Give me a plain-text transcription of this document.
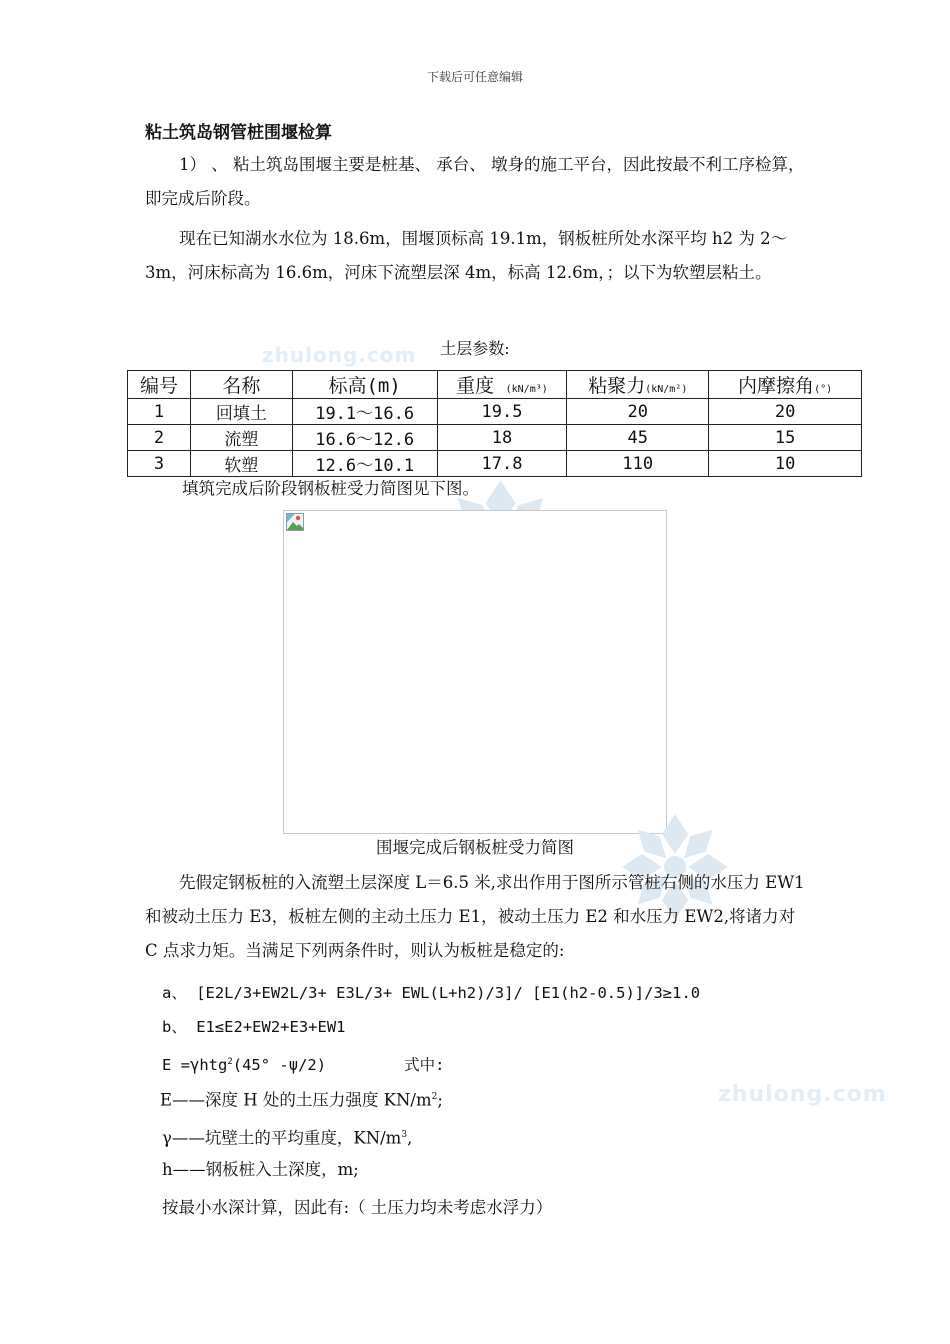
下载后可任意编辑
粘土筑岛钢管桩围堰检算
1） 、 粘土筑岛围堰主要是桩基、 承台、 墩身的施工平台，因此按最不利工序检算，即完成后阶段。
现在已知湖水水位为 18.6m，围堰顶标高 19.1m，钢板桩所处水深平均 h2 为 2～3m，河床标高为 16.6m，河床下流塑层深 4m，标高 12.6m，；以下为软塑层粘土。
zhulong.com	土层参数:
编号	名称	标高(m)	重度 (kN/m³)	粘聚力(kN/m²)	内摩擦角(°)
1	回填土	19.1～16.6	19.5	20	20
2	流塑	16.6～12.6	18	45	15
3	软塑	12.6～10.1	17.8	110	10
填筑完成后阶段钢板桩受力简图见下图。
围堰完成后钢板桩受力简图
先假定钢板桩的入流塑土层深度 L＝6.5 米,求出作用于图所示管桩右侧的水压力 EW1 和被动土压力 E3，板桩左侧的主动土压力 E1，被动土压力 E2 和水压力 EW2,将诸力对 C 点求力矩。当满足下列两条件时，则认为板桩是稳定的:
a、 [E2L/3+EW2L/3+ E3L/3+ EWL(L+h2)/3]/ [E1(h2-0.5)]/3≥1.0
b、 E1≤E2+EW2+E3+EW1
E =γhtg$^2$(45° -ψ/2)	式中:
E——深度 H 处的土压力强度 $KN/m^2$;
γ——坑壁土的平均重度，$KN/m^3$,
h——钢板桩入土深度，m;
按最小水深计算，因此有:（ 土压力均未考虑水浮力）
zhulong.com
